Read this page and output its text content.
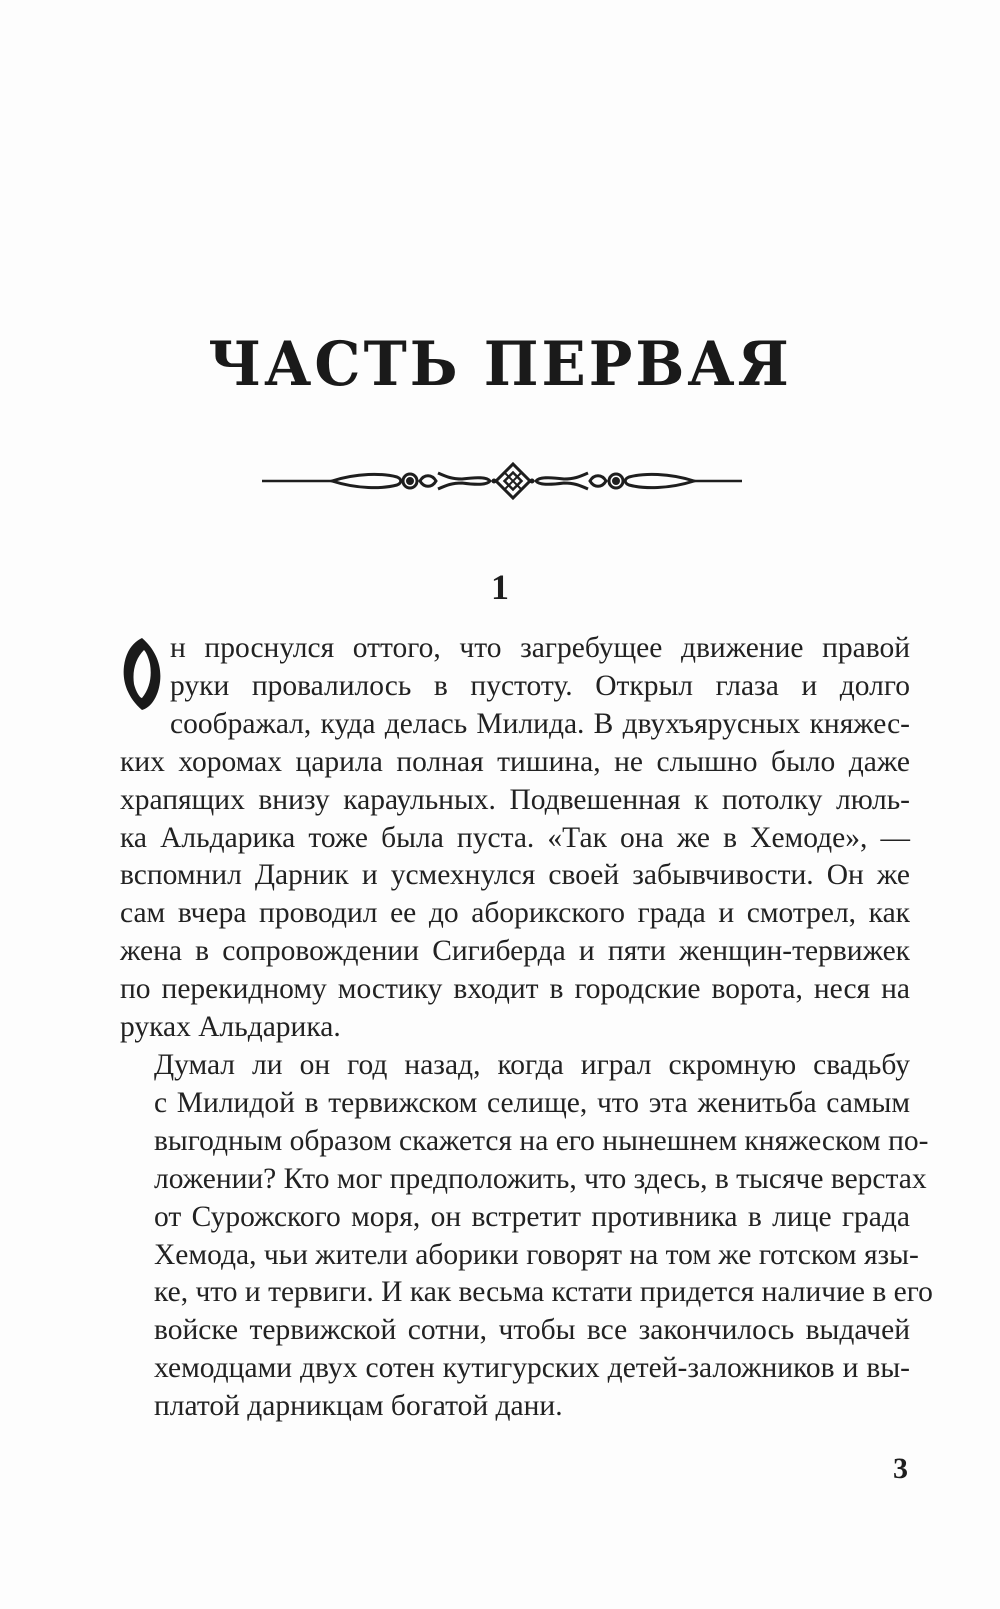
ЧАСТЬ ПЕРВАЯ
1
н проснулся оттого, что загребущее движение правой
руки провалилось в пустоту. Открыл глаза и долго
соображал, куда делась Милида. В двухъярусных княжес-
ких хоромах царила полная тишина, не слышно было даже
храпящих внизу караульных. Подвешенная к потолку люль-
ка Альдарика тоже была пуста. «Так она же в Хемоде», —
вспомнил Дарник и усмехнулся своей забывчивости. Он же
сам вчера проводил ее до аборикского града и смотрел, как
жена в сопровождении Сигиберда и пяти женщин-тервижек
по перекидному мостику входит в городские ворота, неся на
руках Альдарика.
Думал ли он год назад, когда играл скромную свадьбу
с Милидой в тервижском селище, что эта женитьба самым
выгодным образом скажется на его нынешнем княжеском по-
ложении? Кто мог предположить, что здесь, в тысяче верстах
от Сурожского моря, он встретит противника в лице града
Хемода, чьи жители аборики говорят на том же готском язы-
ке, что и тервиги. И как весьма кстати придется наличие в его
войске тервижской сотни, чтобы все закончилось выдачей
хемодцами двух сотен кутигурских детей-заложников и вы-
платой дарникцам богатой дани.
3
